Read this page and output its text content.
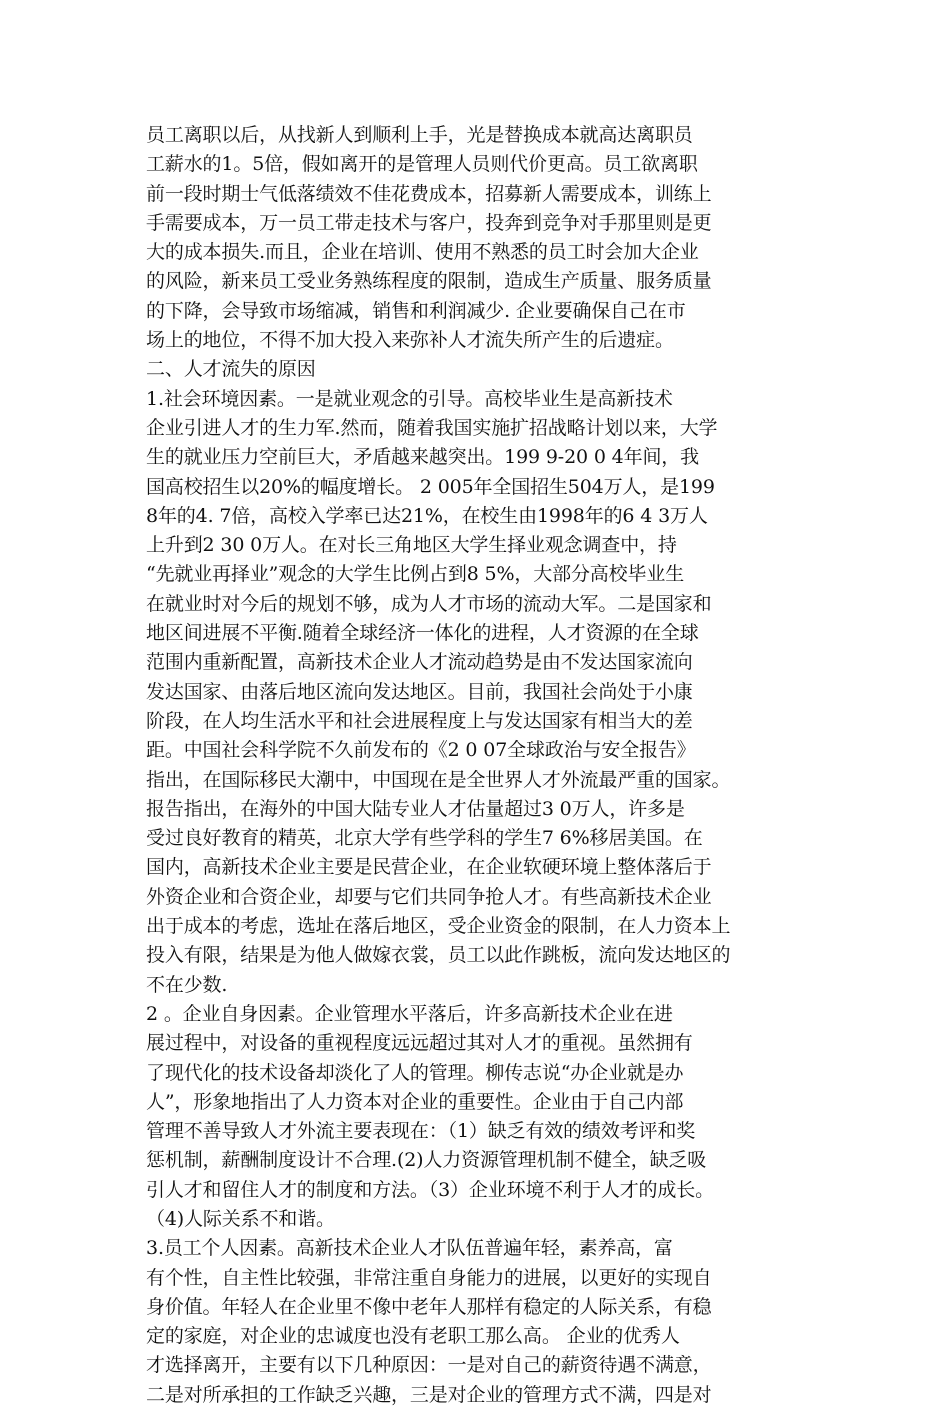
员工离职以后，从找新人到顺利上手，光是替换成本就高达离职员
工薪水的1。5倍，假如离开的是管理人员则代价更高。员工欲离职
前一段时期士气低落绩效不佳花费成本，招募新人需要成本，训练上
手需要成本，万一员工带走技术与客户，投奔到竞争对手那里则是更
大的成本损失.而且，企业在培训、使用不熟悉的员工时会加大企业
的风险，新来员工受业务熟练程度的限制，造成生产质量、服务质量
的下降，会导致市场缩减，销售和利润减少. 企业要确保自己在市
场上的地位，不得不加大投入来弥补人才流失所产生的后遗症。
二、人才流失的原因
1.社会环境因素。一是就业观念的引导。高校毕业生是高新技术
企业引进人才的生力军.然而，随着我国实施扩招战略计划以来，大学
生的就业压力空前巨大，矛盾越来越突出。199 9-20 0 4年间，我
国高校招生以20%的幅度增长。 2 005年全国招生504万人，是199
8年的4. 7倍，高校入学率已达21%，在校生由1998年的6 4 3万人
上升到2 30 0万人。在对长三角地区大学生择业观念调查中，持
“先就业再择业”观念的大学生比例占到8 5%，大部分高校毕业生
在就业时对今后的规划不够，成为人才市场的流动大军。二是国家和
地区间进展不平衡.随着全球经济一体化的进程，人才资源的在全球
范围内重新配置，高新技术企业人才流动趋势是由不发达国家流向
发达国家、由落后地区流向发达地区。目前，我国社会尚处于小康
阶段，在人均生活水平和社会进展程度上与发达国家有相当大的差
距。中国社会科学院不久前发布的《2 0 07全球政治与安全报告》
指出，在国际移民大潮中，中国现在是全世界人才外流最严重的国家。
报告指出，在海外的中国大陆专业人才估量超过3 0万人，许多是
受过良好教育的精英，北京大学有些学科的学生7 6%移居美国。在
国内，高新技术企业主要是民营企业，在企业软硬环境上整体落后于
外资企业和合资企业，却要与它们共同争抢人才。有些高新技术企业
出于成本的考虑，选址在落后地区，受企业资金的限制，在人力资本上
投入有限，结果是为他人做嫁衣裳，员工以此作跳板，流向发达地区的
不在少数.
2 。企业自身因素。企业管理水平落后，许多高新技术企业在进
展过程中，对设备的重视程度远远超过其对人才的重视。虽然拥有
了现代化的技术设备却淡化了人的管理。柳传志说“办企业就是办
人”，形象地指出了人力资本对企业的重要性。企业由于自己内部
管理不善导致人才外流主要表现在：（1）缺乏有效的绩效考评和奖
惩机制，薪酬制度设计不合理.(2)人力资源管理机制不健全，缺乏吸
引人才和留住人才的制度和方法。（3）企业环境不利于人才的成长。
（4)人际关系不和谐。
3.员工个人因素。高新技术企业人才队伍普遍年轻，素养高，富
有个性，自主性比较强，非常注重自身能力的进展，以更好的实现自
身价值。年轻人在企业里不像中老年人那样有稳定的人际关系，有稳
定的家庭，对企业的忠诚度也没有老职工那么高。 企业的优秀人
才选择离开，主要有以下几种原因：一是对自己的薪资待遇不满意，
二是对所承担的工作缺乏兴趣，三是对企业的管理方式不满，四是对
